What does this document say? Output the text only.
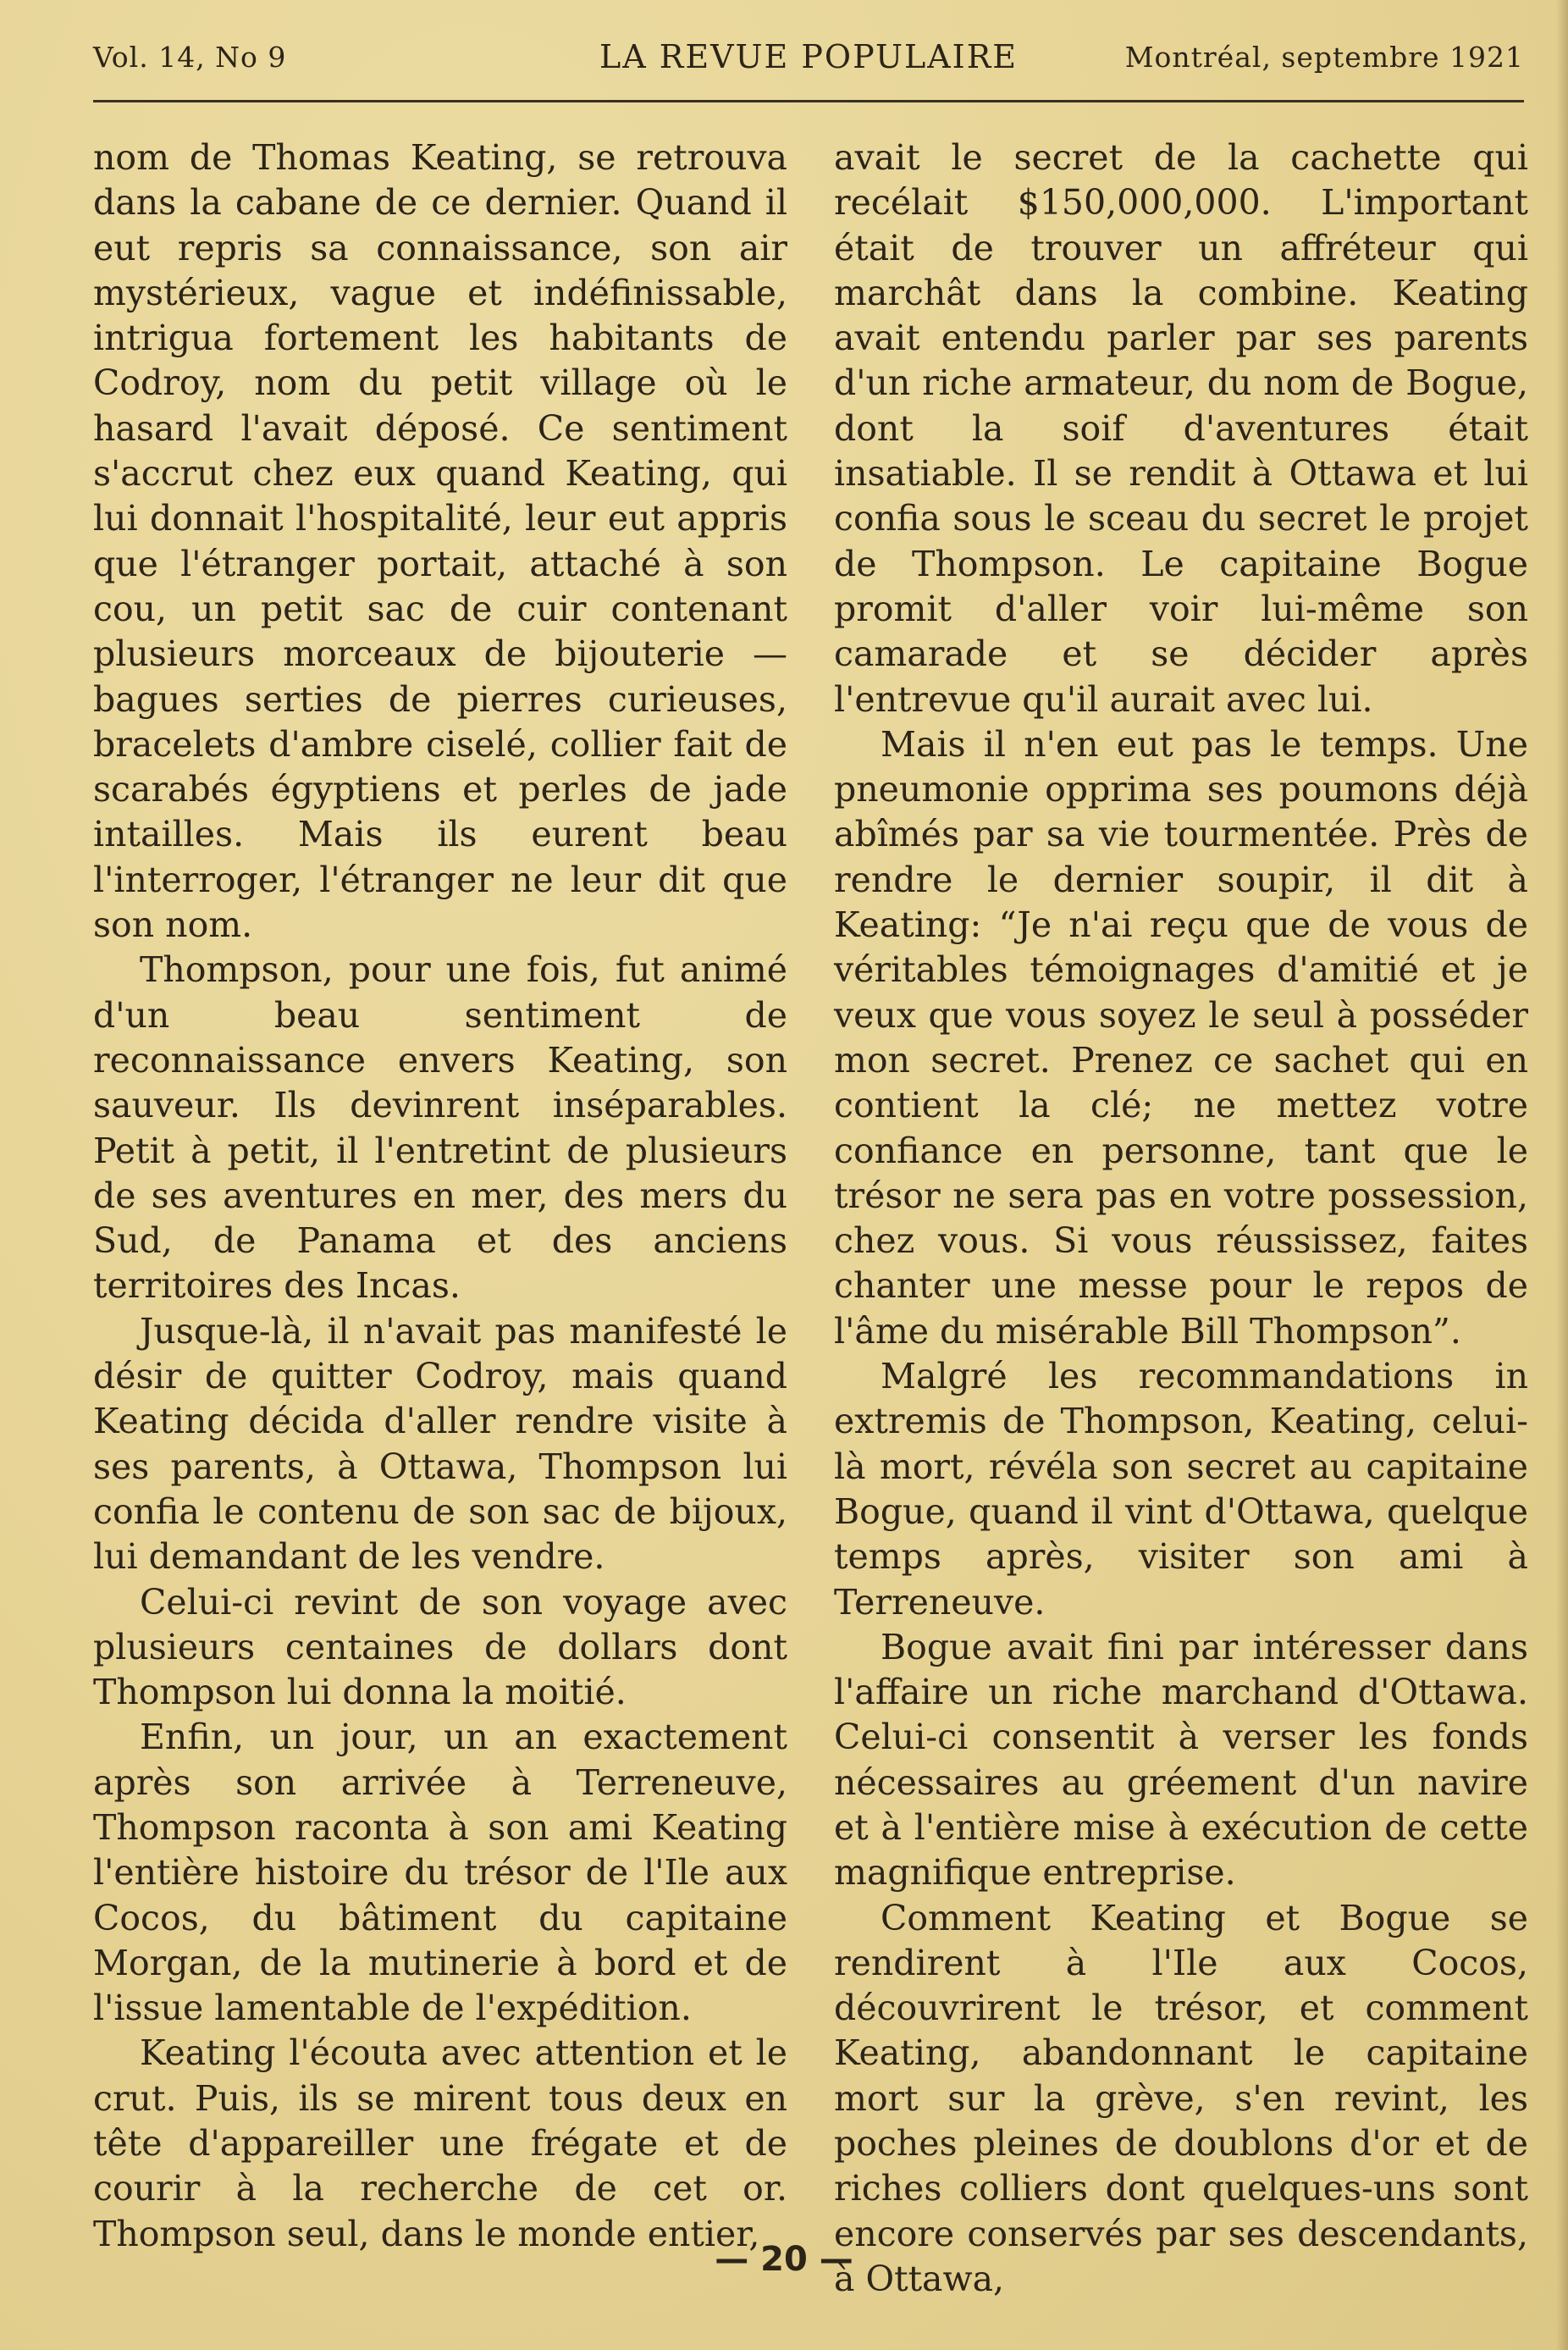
Vol. 14, No 9	LA REVUE POPULAIRE	Montréal, septembre 1921

nom de Thomas Keating, se retrouva dans la cabane de ce dernier. Quand il eut repris sa connaissance, son air mystérieux, vague et indéfinissable, intrigua fortement les habitants de Codroy, nom du petit village où le hasard l'avait déposé. Ce sentiment s'accrut chez eux quand Keating, qui lui donnait l'hospitalité, leur eut appris que l'étranger portait, attaché à son cou, un petit sac de cuir contenant plusieurs morceaux de bijouterie — bagues serties de pierres curieuses, bracelets d'ambre ciselé, collier fait de scarabés égyptiens et perles de jade intailles. Mais ils eurent beau l'interroger, l'étranger ne leur dit que son nom.

Thompson, pour une fois, fut animé d'un beau sentiment de reconnaissance envers Keating, son sauveur. Ils devinrent inséparables. Petit à petit, il l'entretint de plusieurs de ses aventures en mer, des mers du Sud, de Panama et des anciens territoires des Incas.

Jusque-là, il n'avait pas manifesté le désir de quitter Codroy, mais quand Keating décida d'aller rendre visite à ses parents, à Ottawa, Thompson lui confia le contenu de son sac de bijoux, lui demandant de les vendre.

Celui-ci revint de son voyage avec plusieurs centaines de dollars dont Thompson lui donna la moitié.

Enfin, un jour, un an exactement après son arrivée à Terreneuve, Thompson raconta à son ami Keating l'entière histoire du trésor de l'Ile aux Cocos, du bâtiment du capitaine Morgan, de la mutinerie à bord et de l'issue lamentable de l'expédition.

Keating l'écouta avec attention et le crut. Puis, ils se mirent tous deux en tête d'appareiller une frégate et de courir à la recherche de cet or. Thompson seul, dans le monde entier,

avait le secret de la cachette qui recélait $150,000,000. L'important était de trouver un affréteur qui marchât dans la combine. Keating avait entendu parler par ses parents d'un riche armateur, du nom de Bogue, dont la soif d'aventures était insatiable. Il se rendit à Ottawa et lui confia sous le sceau du secret le projet de Thompson. Le capitaine Bogue promit d'aller voir lui-même son camarade et se décider après l'entrevue qu'il aurait avec lui.

Mais il n'en eut pas le temps. Une pneumonie opprima ses poumons déjà abîmés par sa vie tourmentée. Près de rendre le dernier soupir, il dit à Keating: “Je n'ai reçu que de vous de véritables témoignages d'amitié et je veux que vous soyez le seul à posséder mon secret. Prenez ce sachet qui en contient la clé; ne mettez votre confiance en personne, tant que le trésor ne sera pas en votre possession, chez vous. Si vous réussissez, faites chanter une messe pour le repos de l'âme du misérable Bill Thompson”.

Malgré les recommandations in extremis de Thompson, Keating, celui-là mort, révéla son secret au capitaine Bogue, quand il vint d'Ottawa, quelque temps après, visiter son ami à Terreneuve.

Bogue avait fini par intéresser dans l'affaire un riche marchand d'Ottawa. Celui-ci consentit à verser les fonds nécessaires au gréement d'un navire et à l'entière mise à exécution de cette magnifique entreprise.

Comment Keating et Bogue se rendirent à l'Ile aux Cocos, découvrirent le trésor, et comment Keating, abandonnant le capitaine mort sur la grève, s'en revint, les poches pleines de doublons d'or et de riches colliers dont quelques-uns sont encore conservés par ses descendants, à Ottawa,

— 20 —
